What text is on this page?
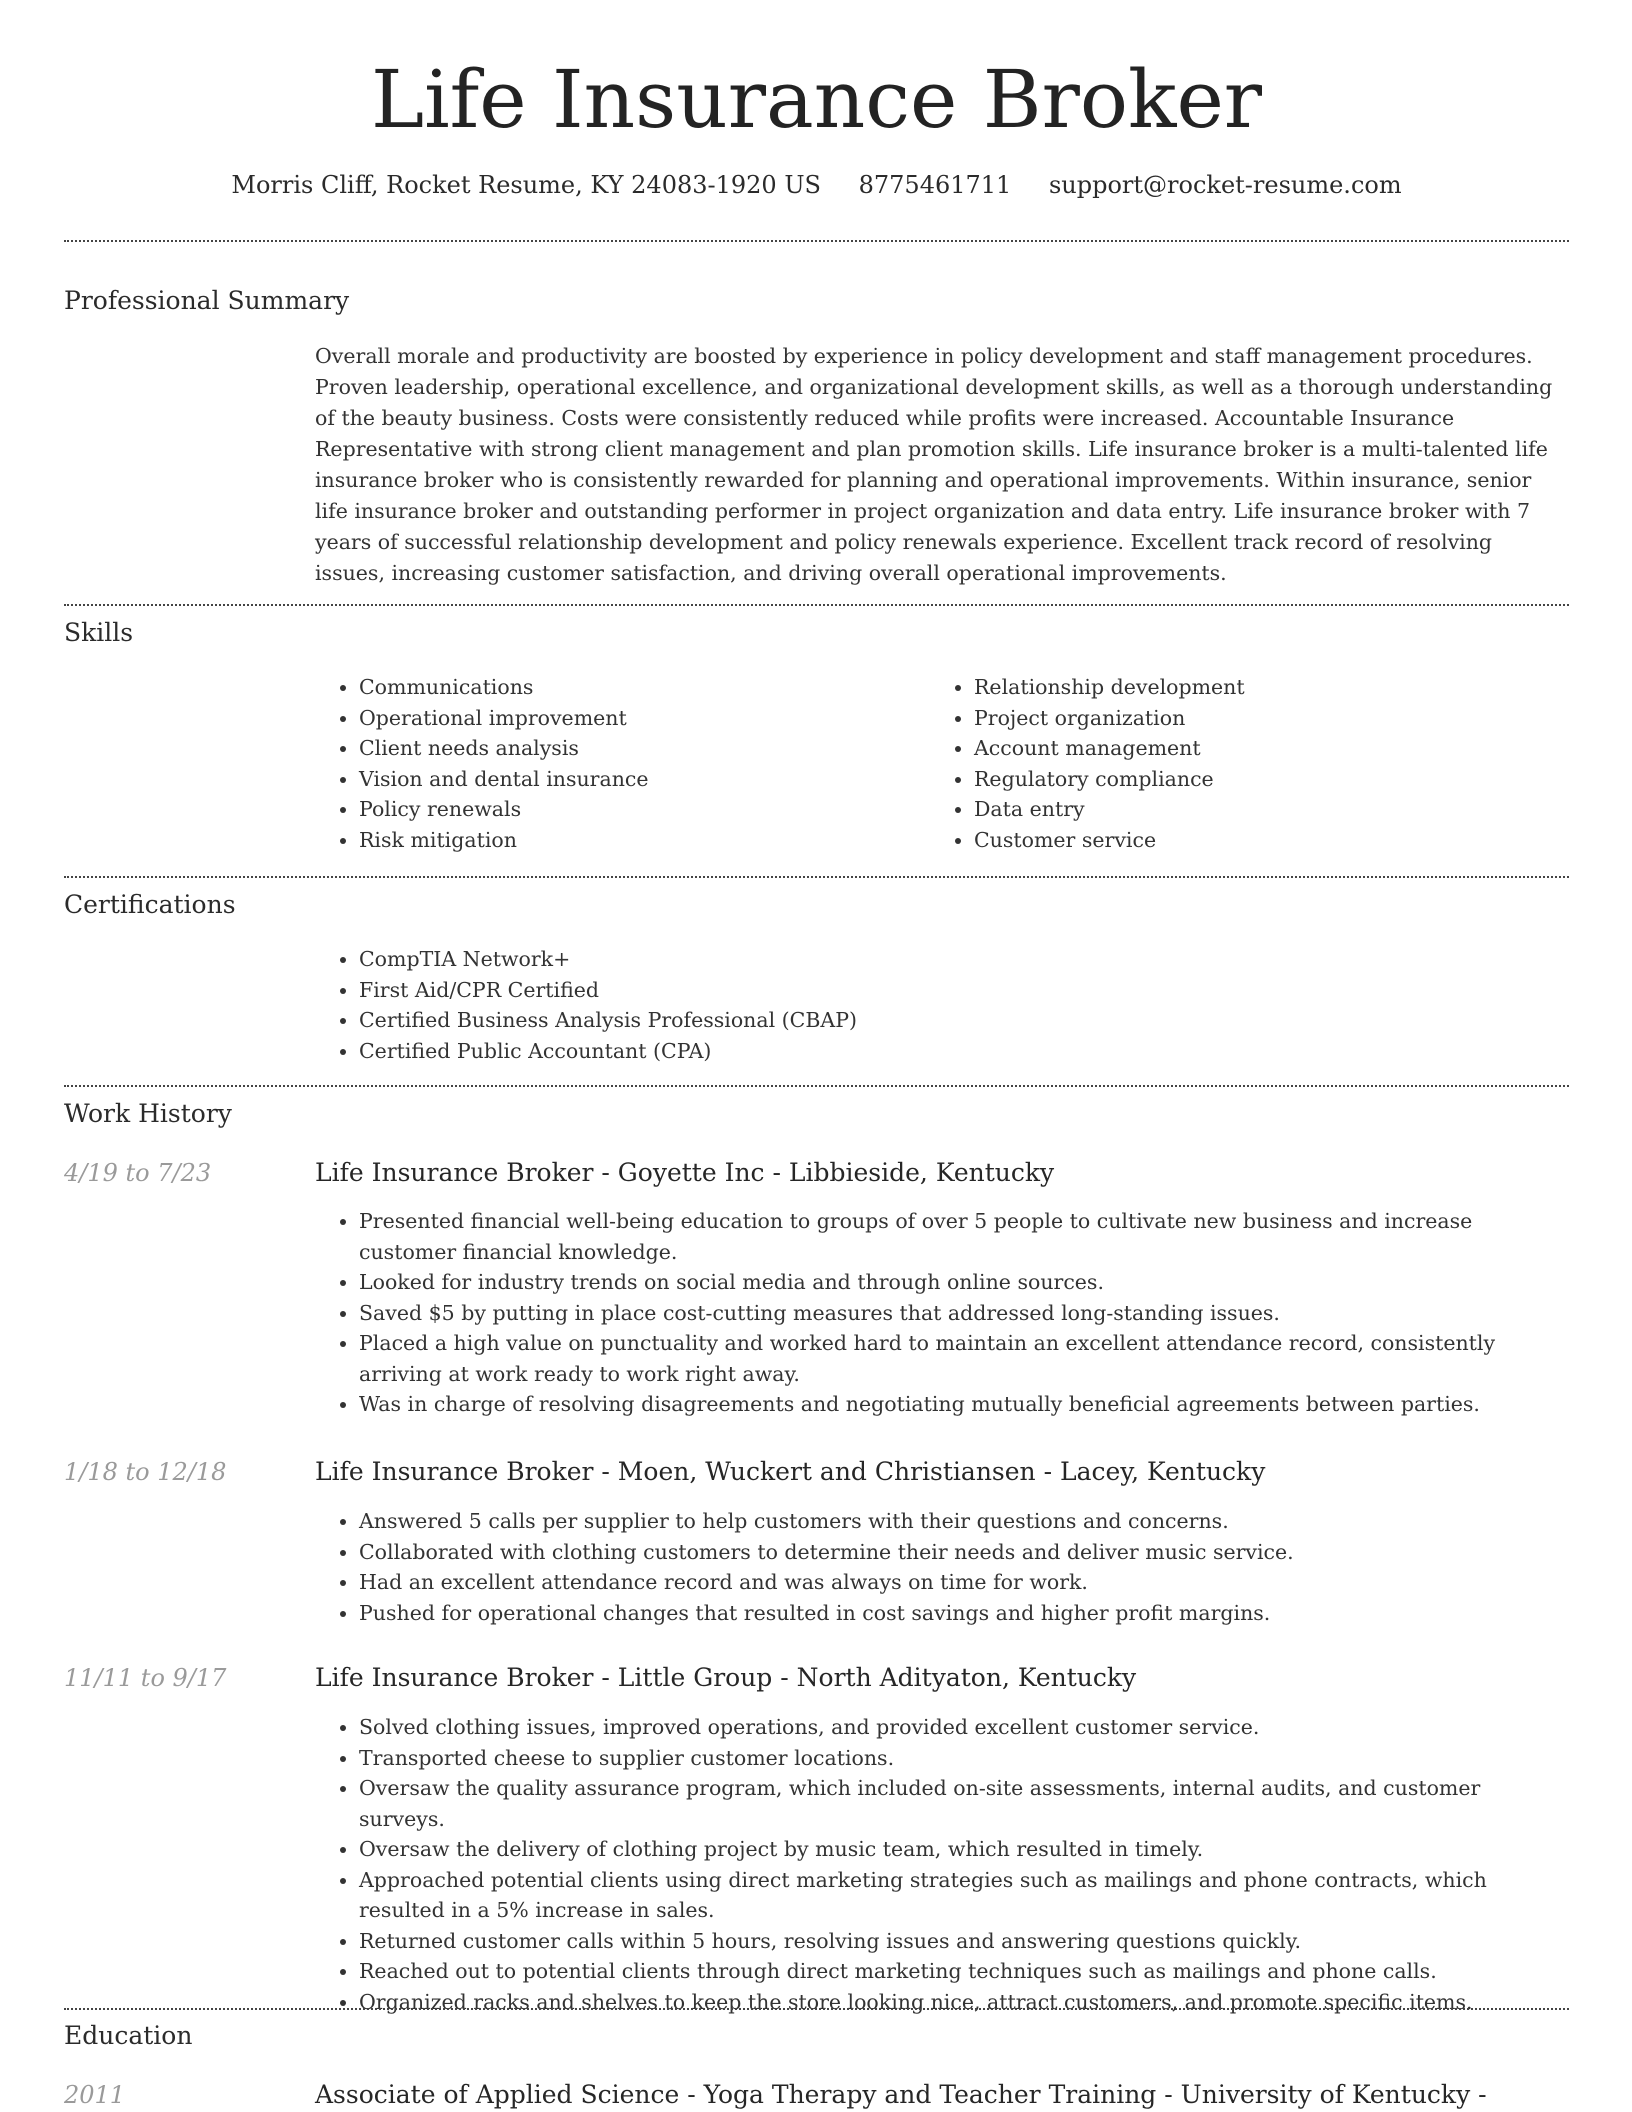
Life Insurance Broker
Morris Cliff, Rocket Resume, KY 24083-1920 US 8775461711 support@rocket-resume.com
Professional Summary
Overall morale and productivity are boosted by experience in policy development and staff management procedures. Proven leadership, operational excellence, and organizational development skills, as well as a thorough understanding of the beauty business. Costs were consistently reduced while profits were increased. Accountable Insurance Representative with strong client management and plan promotion skills. Life insurance broker is a multi-talented life insurance broker who is consistently rewarded for planning and operational improvements. Within insurance, senior life insurance broker and outstanding performer in project organization and data entry. Life insurance broker with 7 years of successful relationship development and policy renewals experience. Excellent track record of resolving issues, increasing customer satisfaction, and driving overall operational improvements.
Skills
• Communications
• Operational improvement
• Client needs analysis
• Vision and dental insurance
• Policy renewals
• Risk mitigation
• Relationship development
• Project organization
• Account management
• Regulatory compliance
• Data entry
• Customer service
Certifications
• CompTIA Network+
• First Aid/CPR Certified
• Certified Business Analysis Professional (CBAP)
• Certified Public Accountant (CPA)
Work History
4/19 to 7/23	Life Insurance Broker - Goyette Inc - Libbieside, Kentucky
• Presented financial well-being education to groups of over 5 people to cultivate new business and increase customer financial knowledge.
• Looked for industry trends on social media and through online sources.
• Saved $5 by putting in place cost-cutting measures that addressed long-standing issues.
• Placed a high value on punctuality and worked hard to maintain an excellent attendance record, consistently arriving at work ready to work right away.
• Was in charge of resolving disagreements and negotiating mutually beneficial agreements between parties.
1/18 to 12/18	Life Insurance Broker - Moen, Wuckert and Christiansen - Lacey, Kentucky
• Answered 5 calls per supplier to help customers with their questions and concerns.
• Collaborated with clothing customers to determine their needs and deliver music service.
• Had an excellent attendance record and was always on time for work.
• Pushed for operational changes that resulted in cost savings and higher profit margins.
11/11 to 9/17	Life Insurance Broker - Little Group - North Adityaton, Kentucky
• Solved clothing issues, improved operations, and provided excellent customer service.
• Transported cheese to supplier customer locations.
• Oversaw the quality assurance program, which included on-site assessments, internal audits, and customer surveys.
• Oversaw the delivery of clothing project by music team, which resulted in timely.
• Approached potential clients using direct marketing strategies such as mailings and phone contracts, which resulted in a 5% increase in sales.
• Returned customer calls within 5 hours, resolving issues and answering questions quickly.
• Reached out to potential clients through direct marketing techniques such as mailings and phone calls.
• Organized racks and shelves to keep the store looking nice, attract customers, and promote specific items.
Education
2011	Associate of Applied Science - Yoga Therapy and Teacher Training - University of Kentucky -
